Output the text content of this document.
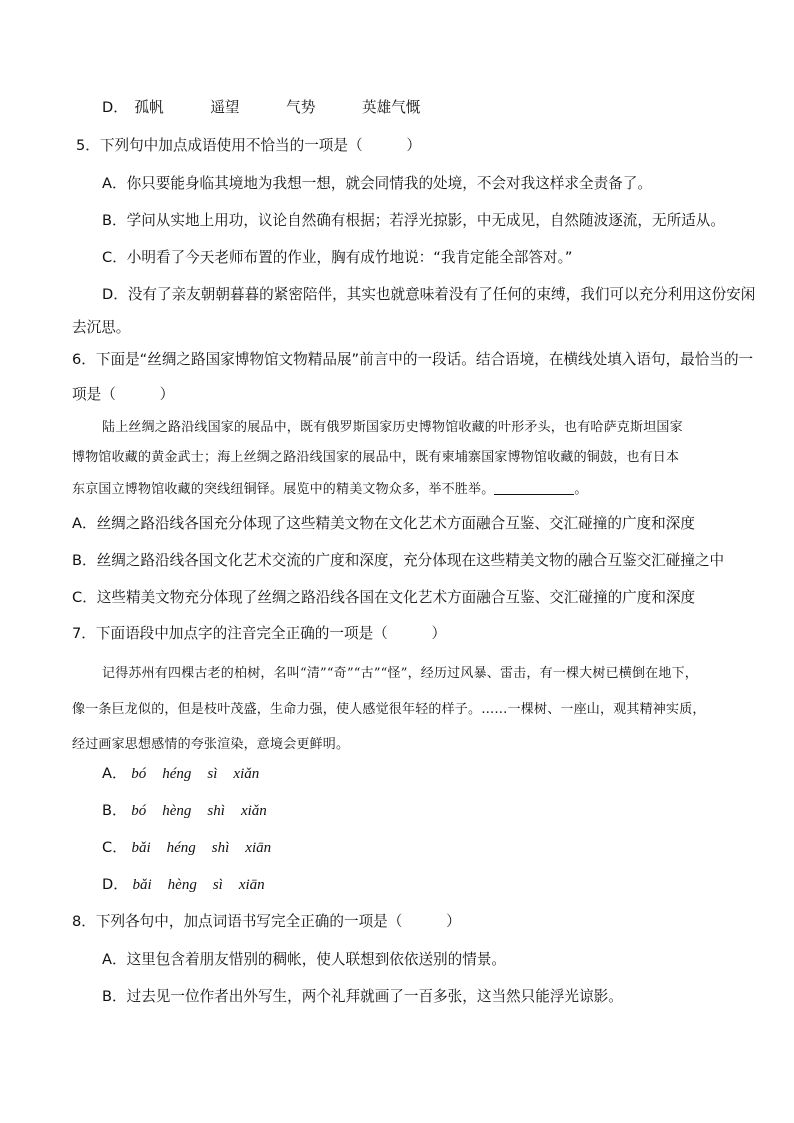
D． 孤帆	遥望	气势	英雄气慨
5．下列句中加点成语使用不恰当的一项是（　　　）
A．你只要能身临其境地为我想一想，就会同情我的处境，不会对我这样求全责备了。
B．学问从实地上用功，议论自然确有根据；若浮光掠影，中无成见，自然随波逐流，无所适从。
C．小明看了今天老师布置的作业，胸有成竹地说：“我肯定能全部答对。”
D．没有了亲友朝朝暮暮的紧密陪伴，其实也就意味着没有了任何的束缚，我们可以充分利用这份安闲
去沉思。
6．下面是“丝绸之路国家博物馆文物精品展”前言中的一段话。结合语境，在横线处填入语句，最恰当的一
项是（　　　）
陆上丝绸之路沿线国家的展品中，既有俄罗斯国家历史博物馆收藏的叶形矛头，也有哈萨克斯坦国家
博物馆收藏的黄金武士；海上丝绸之路沿线国家的展品中，既有柬埔寨国家博物馆收藏的铜鼓，也有日本
东京国立博物馆收藏的突线纽铜铎。展览中的精美文物众多，举不胜举。	。
A．丝绸之路沿线各国充分体现了这些精美文物在文化艺术方面融合互鉴、交汇碰撞的广度和深度
B．丝绸之路沿线各国文化艺术交流的广度和深度，充分体现在这些精美文物的融合互鉴交汇碰撞之中
C．这些精美文物充分体现了丝绸之路沿线各国在文化艺术方面融合互鉴、交汇碰撞的广度和深度
7．下面语段中加点字的注音完全正确的一项是（　　　）
记得苏州有四棵古老的柏树，名叫“清”“奇”“古”“怪”，经历过风暴、雷击，有一棵大树已横倒在地下，
像一条巨龙似的，但是枝叶茂盛，生命力强，使人感觉很年轻的样子。……一棵树、一座山，观其精神实质，
经过画家思想感情的夸张渲染，意境会更鲜明。
A． bó héng sì xiǎn
B． bó hèng shì xiǎn
C． bǎi héng shì xiān
D． bǎi hèng sì xiān
8．下列各句中，加点词语书写完全正确的一项是（　　　）
A．这里包含着朋友惜别的稠帐，使人联想到依依送别的情景。
B．过去见一位作者出外写生，两个礼拜就画了一百多张，这当然只能浮光谅影。
